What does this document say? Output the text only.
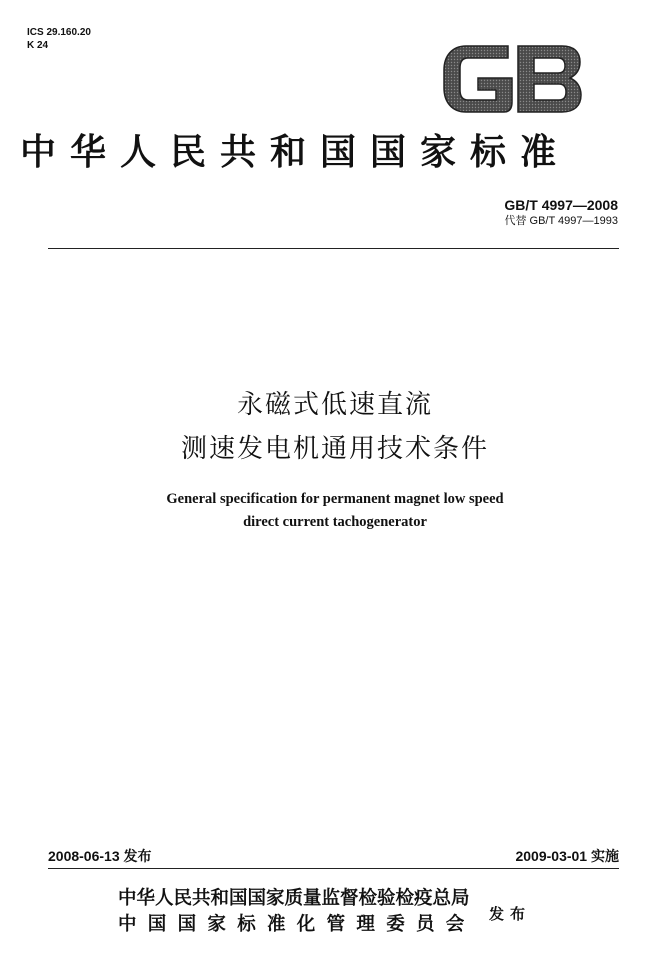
ICS 29.160.20
K 24
中华人民共和国国家标准
GB/T 4997—2008
代替 GB/T 4997—1993
永磁式低速直流
测速发电机通用技术条件
General specification for permanent magnet low speed
direct current tachogenerator
2008-06-13 发布	2009-03-01 实施
中华人民共和国国家质量监督检验检疫总局
中国国家标准化管理委员会 发布
